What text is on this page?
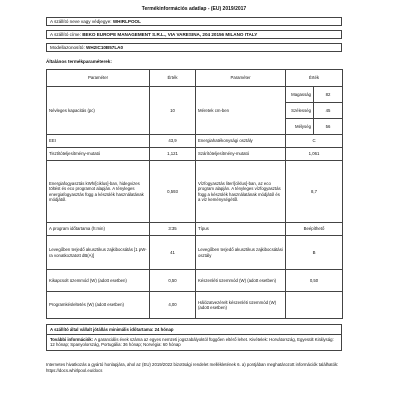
Termékinformációs adatlap - (EU) 2019/2017
A szállító neve vagy védjegye:
WHIRLPOOL
A szállító címe:
BEKO EUROPE MANAGEMENT S.R.L., VIA VARESINA, 204 20156 MILANO ITALY
Modellazonosító:
WH2IC10B57LA0
Általános termékparaméterek:
Paraméter	Érték	Paraméter	Érték	
Névleges kapacitás (pc)	10	Méretek cm-ben	Magasság	82
			Szélesség	45
			Mélység	56
EEI	43,9	Energiahatékonysági osztály	C	
Tisztítóteljesítmény-mutató	1,121	Szárítóteljesítmény-mutató	1,061	
Energiafogyasztás kWh/[ciklus]-ban, hidegvizes töltést és eco programot alapján. A tényleges energiafogyasztás függ a készülék használatának módjától.	0,593	Vízfogyasztás liter/[ciklus]-ban, az eco program alapján. A tényleges vízfogyasztás függ a készülék használatának módjától és a víz keménységétől.	8,7	
A program időtartama (h:min)	3:35	Típus	Beépíthető	
Levegőben terjedő akusztikus zajkibocsátás [1 pW-ra vonatkoztatott dB(A)]	41	Levegőben terjedő akusztikus zajkibocsátási osztály	B	
Kikapcsolt üzemmód (W) (adott esetben)	0,50	Készenléti üzemmód (W) (adott esetben)	0,50	
Programkésleltetés (W) (adott esetben)	4,00	Hálózatvezérelt készenléti üzemmód (W) (adott esetben)		
A szállító által vállalt jótállás minimális időtartama: 24 hónap
További információk: A garanciális évek száma az egyes nemzeti jogszabályoktól függően eltérő lehet. Kivételek: Horvátország, Egyesült Királyság: 12 hónap; Spanyolország, Portugália: 36 hónap; Norvégia: 60 hónap
Internetes hivatkozás a gyártó honlapjára, ahol az (EU) 2019/2022 bizottsági rendelet mellékletének 6. a) pontjában meghatározott információk találhatók: https://docs.whirlpool.eu/docs
